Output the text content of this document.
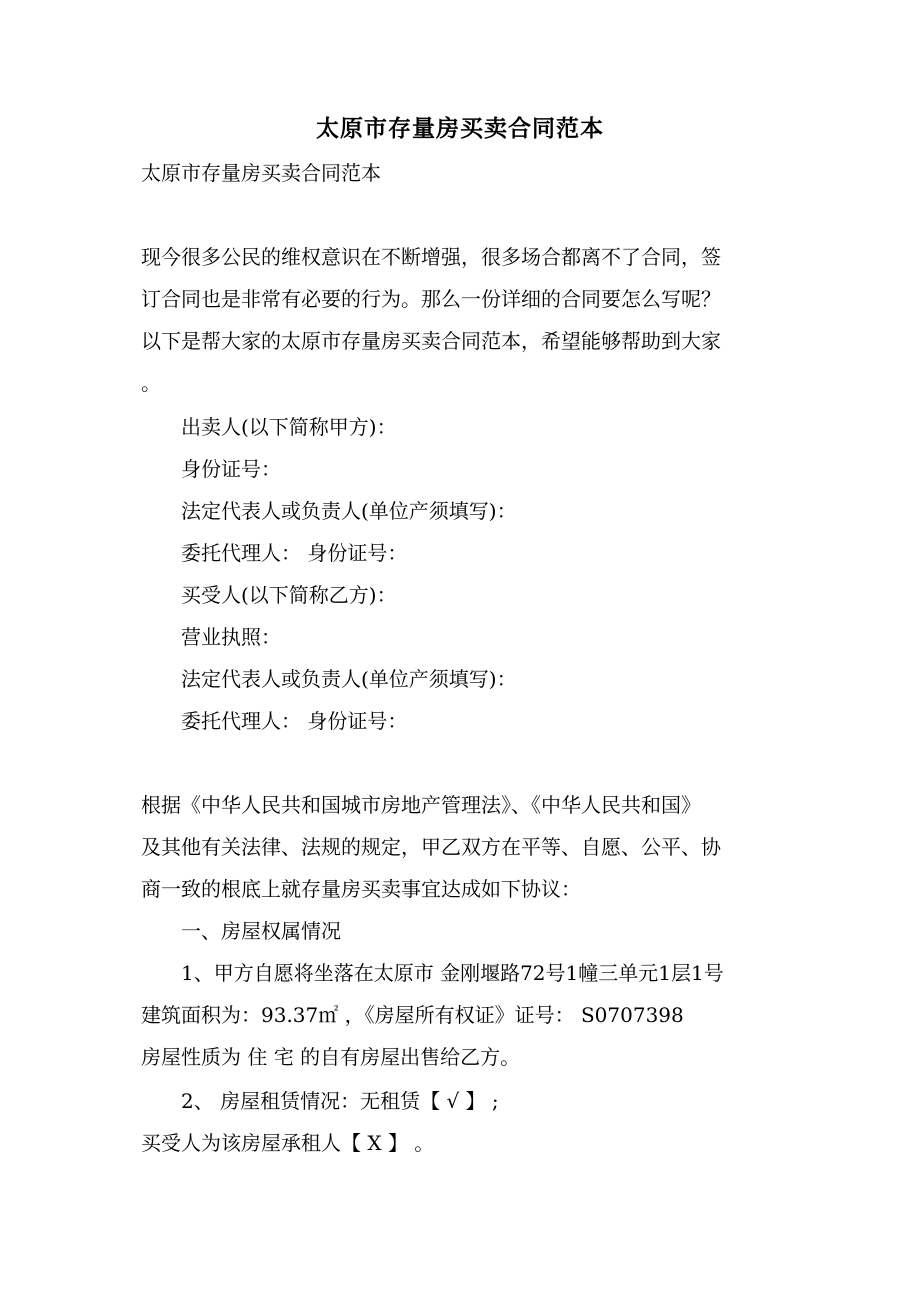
太原市存量房买卖合同范本
太原市存量房买卖合同范本
现今很多公民的维权意识在不断增强，很多场合都离不了合同，签
订合同也是非常有必要的行为。那么一份详细的合同要怎么写呢？
以下是帮大家的太原市存量房买卖合同范本，希望能够帮助到大家
。
出卖人(以下简称甲方)：
身份证号：
法定代表人或负责人(单位产须填写)：
委托代理人： 身份证号：
买受人(以下简称乙方)：
营业执照：
法定代表人或负责人(单位产须填写)：
委托代理人： 身份证号：
根据《中华人民共和国城市房地产管理法》、《中华人民共和国》
及其他有关法律、法规的规定，甲乙双方在平等、自愿、公平、协
商一致的根底上就存量房买卖事宜达成如下协议：
一、房屋权属情况
1、甲方自愿将坐落在太原市 金刚堰路72号1幢三单元1层1号
建筑面积为：93.37㎡ ，《房屋所有权证》证号： S0707398
房屋性质为 住 宅 的自有房屋出售给乙方。
2、 房屋租赁情况：无租赁【 √ 】 ;
买受人为该房屋承租人【 X 】 。
